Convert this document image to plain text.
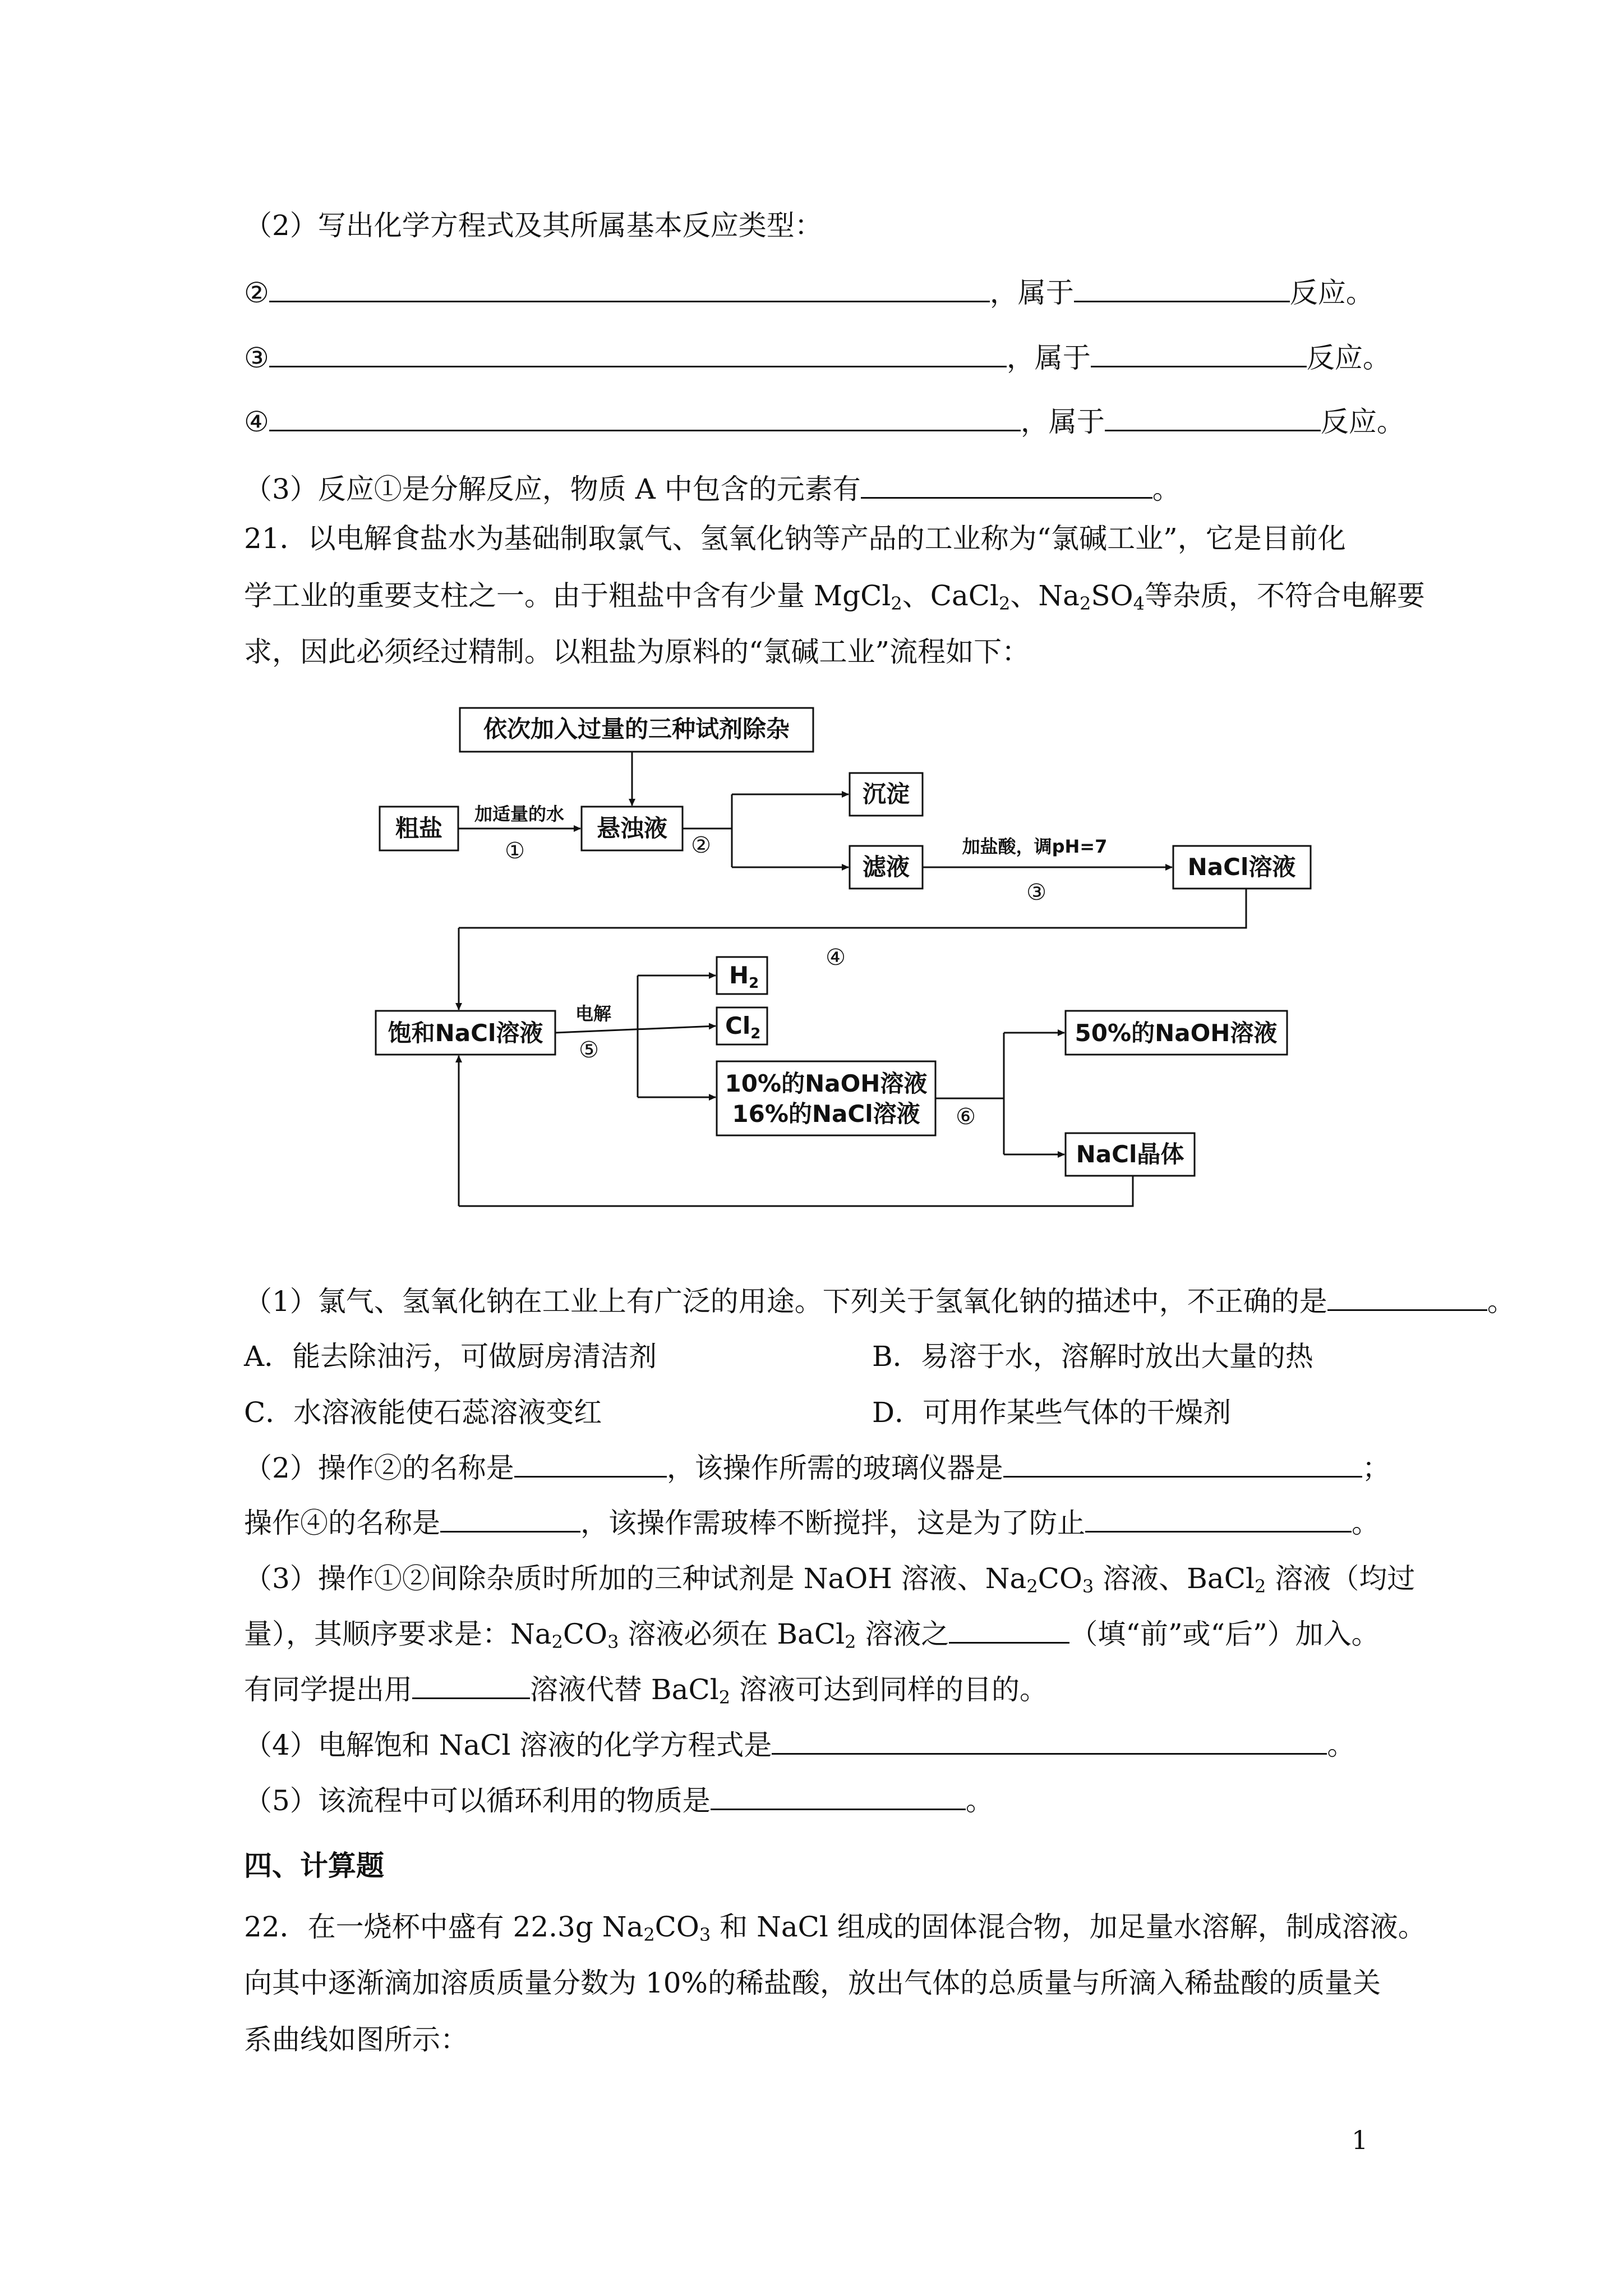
（2）写出化学方程式及其所属基本反应类型：
②	，属于	反应。
③	，属于	反应。
④	，属于	反应。
（3）反应①是分解反应，物质 A 中包含的元素有	。
21．以电解食盐水为基础制取氯气、氢氧化钠等产品的工业称为“氯碱工业”，它是目前化
学工业的重要支柱之一。由于粗盐中含有少量 MgCl$_2$、CaCl$_2$、$Na_2SO_4$等杂质，不符合电解要
求，因此必须经过精制。以粗盐为原料的“氯碱工业”流程如下：
依次加入过量的三种试剂除杂
粗盐
加适量的水
①
悬浊液
②
沉淀
滤液
加盐酸，调pH=7
③
NaCl溶液
④
饱和NaCl溶液
电解
⑤
H2
Cl2
10%的NaOH溶液
16%的NaCl溶液 ⑥
50%的NaOH溶液
NaCl晶体
（1）氯气、氢氧化钠在工业上有广泛的用途。下列关于氢氧化钠的描述中，不正确的是	。
A．能去除油污，可做厨房清洁剂	B．易溶于水，溶解时放出大量的热
C．水溶液能使石蕊溶液变红	D．可用作某些气体的干燥剂
（2）操作②的名称是	，该操作所需的玻璃仪器是	；
操作④的名称是	，该操作需玻棒不断搅拌，这是为了防止	。
（3）操作①②间除杂质时所加的三种试剂是 NaOH 溶液、$Na_2CO_3$ 溶液、BaCl$_2$ 溶液（均过
量），其顺序要求是：$Na_2CO_3$ 溶液必须在 BaCl$_2$ 溶液之	（填“前”或“后”）加入。
有同学提出用	溶液代替 BaCl$_2$ 溶液可达到同样的目的。
（4）电解饱和 NaCl 溶液的化学方程式是	。
（5）该流程中可以循环利用的物质是	。
四、计算题
22．在一烧杯中盛有 22.3g $Na_2CO_3$ 和 NaCl 组成的固体混合物，加足量水溶解，制成溶液。
向其中逐渐滴加溶质质量分数为 10%的稀盐酸，放出气体的总质量与所滴入稀盐酸的质量关
系曲线如图所示：
1
